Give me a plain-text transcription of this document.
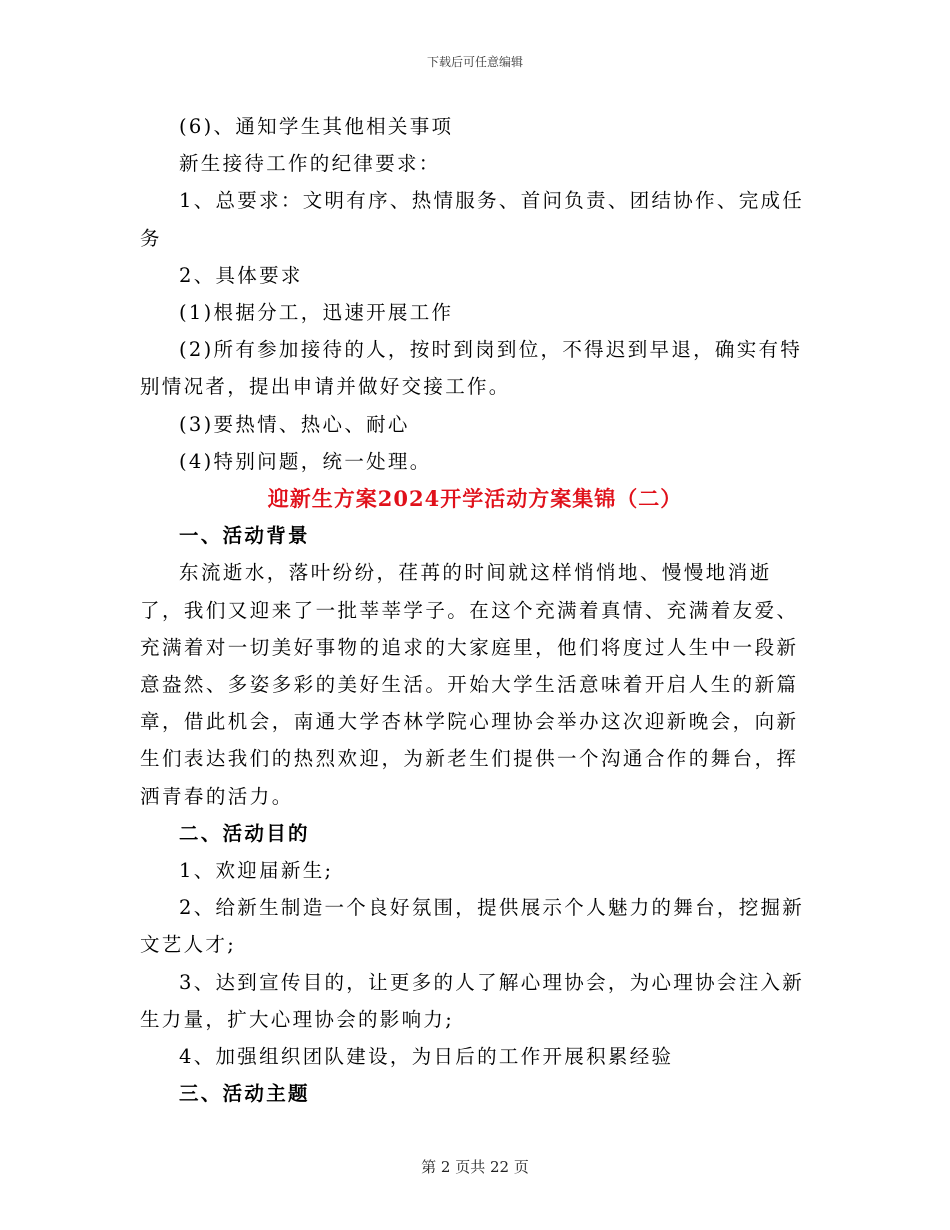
下载后可任意编辑

(6)、通知学生其他相关事项

新生接待工作的纪律要求：

1、总要求：文明有序、热情服务、首问负责、团结协作、完成任务

2、具体要求

(1)根据分工，迅速开展工作

(2)所有参加接待的人，按时到岗到位，不得迟到早退，确实有特别情况者，提出申请并做好交接工作。

(3)要热情、热心、耐心

(4)特别问题，统一处理。

迎新生方案2024开学活动方案集锦（二）

一、活动背景

东流逝水，落叶纷纷，荏苒的时间就这样悄悄地、慢慢地消逝了，我们又迎来了一批莘莘学子。在这个充满着真情、充满着友爱、充满着对一切美好事物的追求的大家庭里，他们将度过人生中一段新意盎然、多姿多彩的美好生活。开始大学生活意味着开启人生的新篇章，借此机会，南通大学杏林学院心理协会举办这次迎新晚会，向新生们表达我们的热烈欢迎，为新老生们提供一个沟通合作的舞台，挥洒青春的活力。

二、活动目的

1、欢迎届新生;

2、给新生制造一个良好氛围，提供展示个人魅力的舞台，挖掘新文艺人才;

3、达到宣传目的，让更多的人了解心理协会，为心理协会注入新生力量，扩大心理协会的影响力;

4、加强组织团队建设，为日后的工作开展积累经验

三、活动主题

第 2 页共 22 页
